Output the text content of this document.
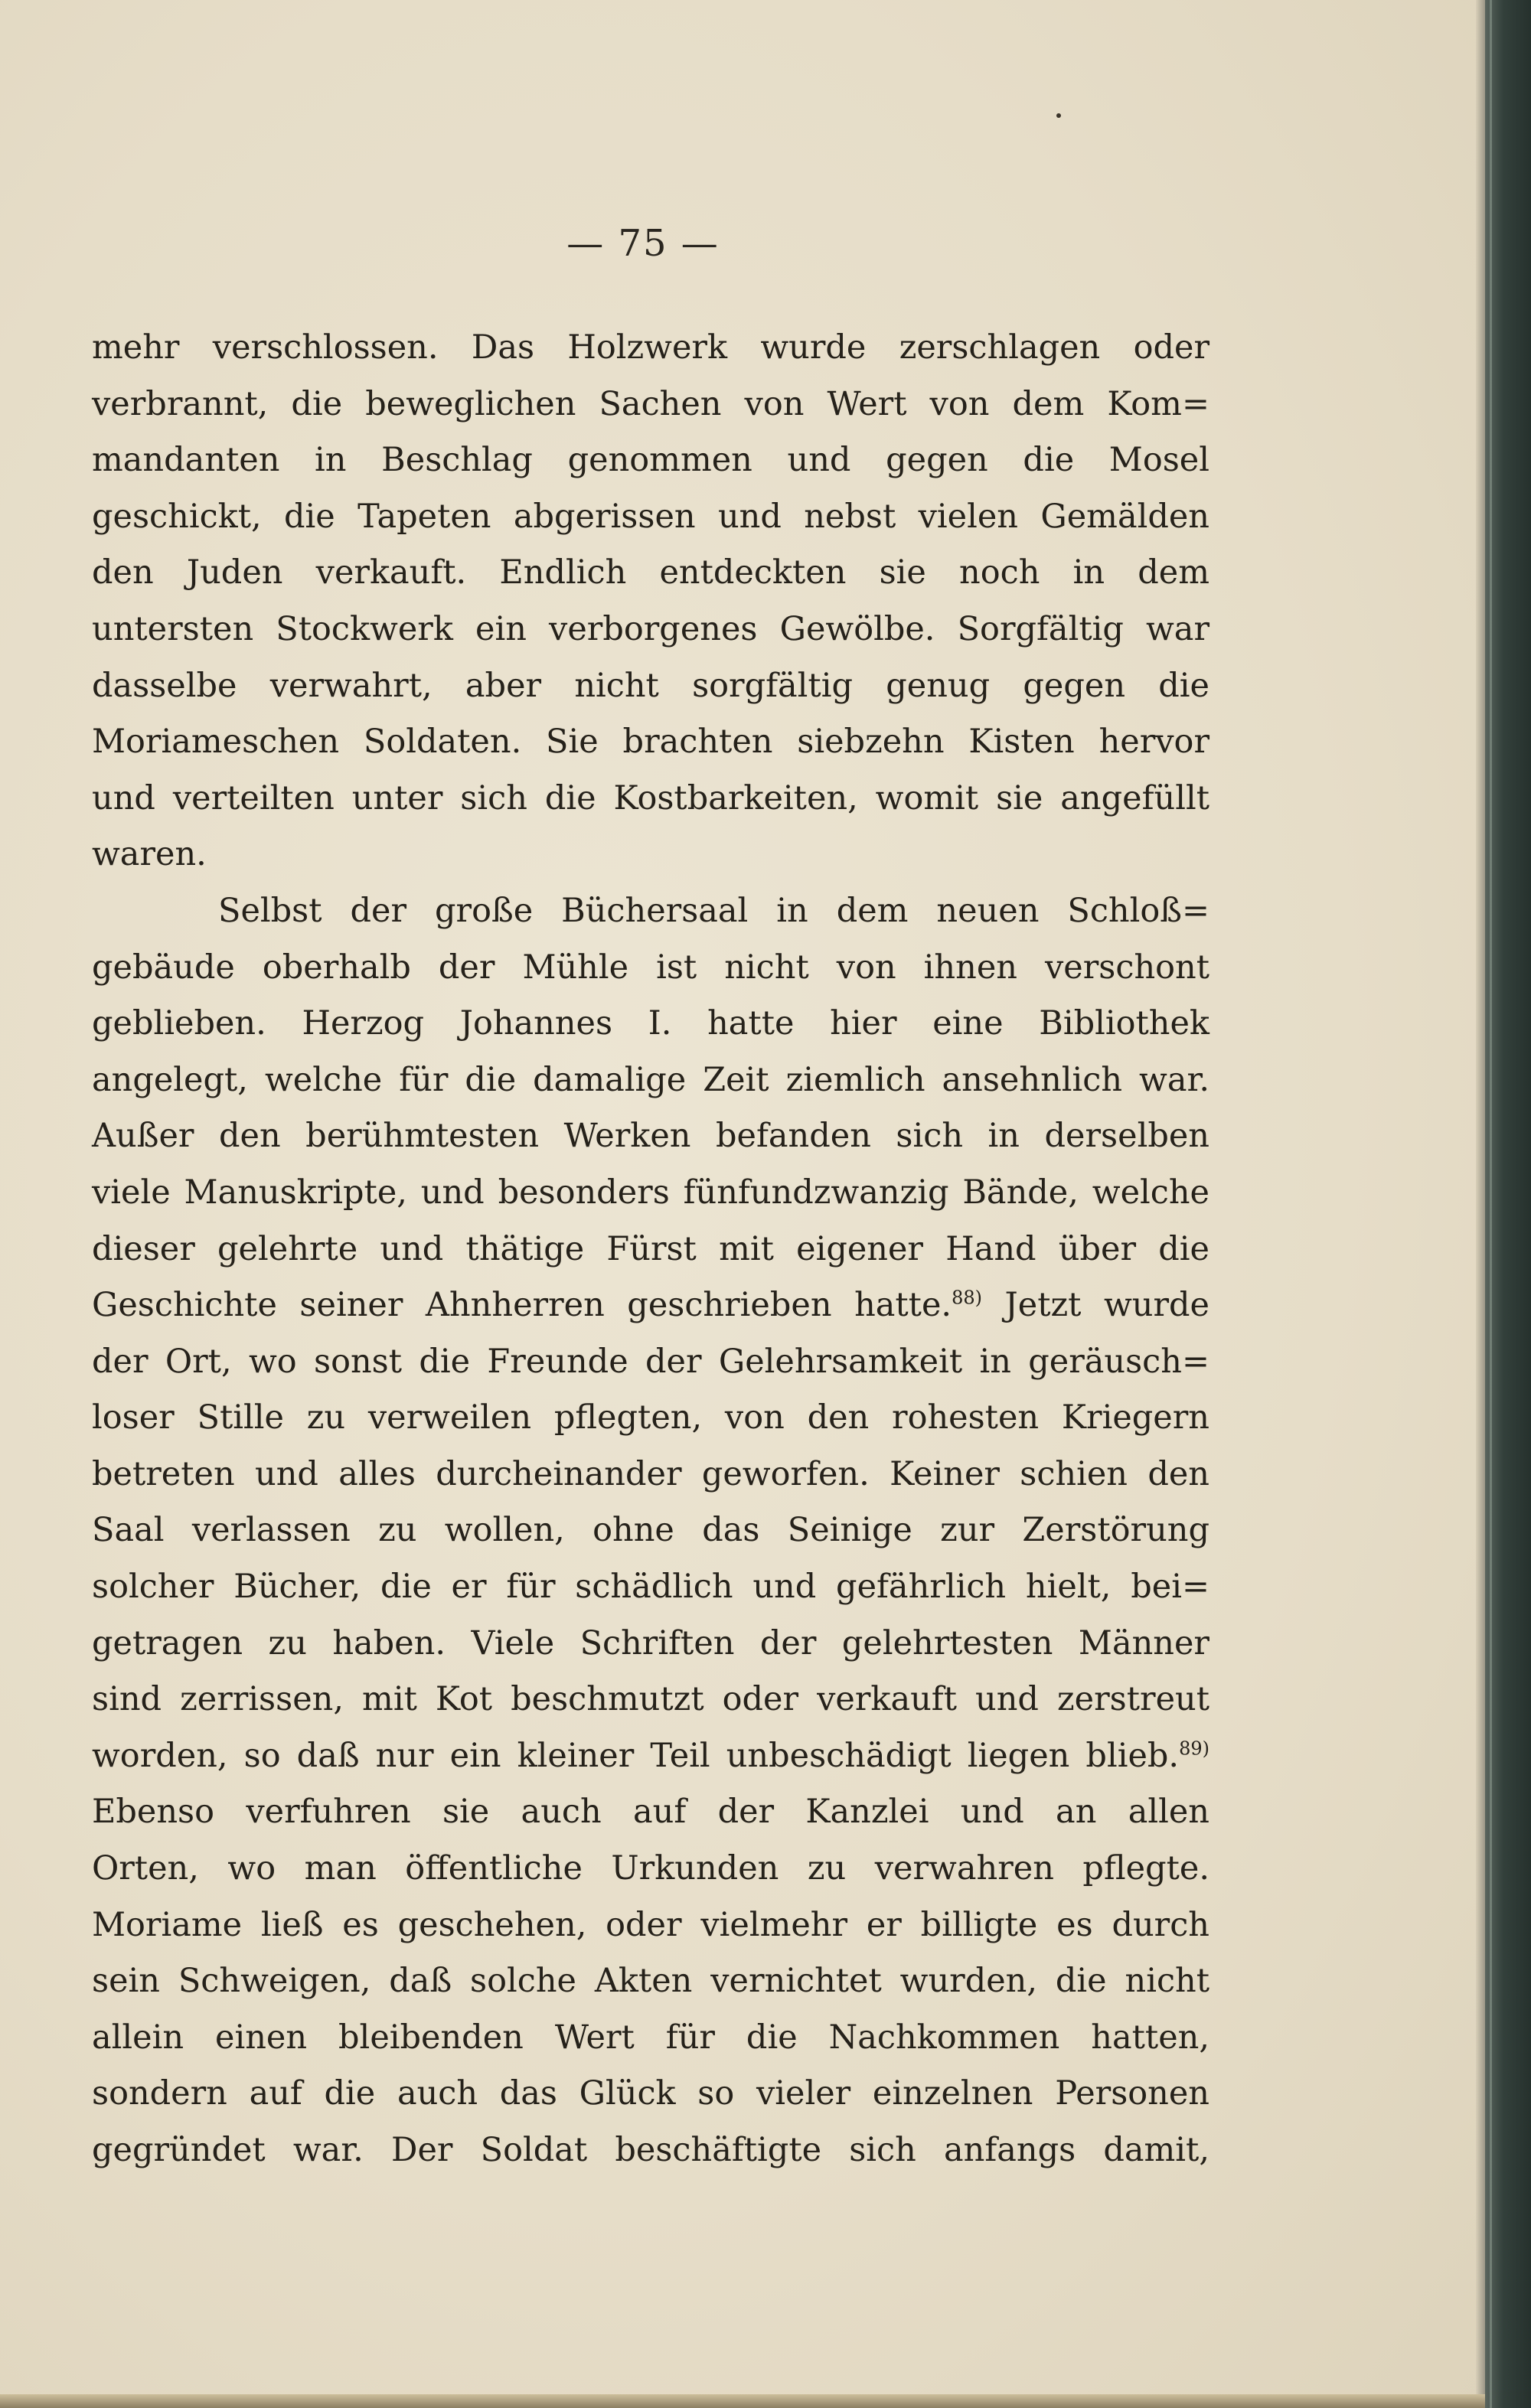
— 75 —
mehr verschlossen. Das Holzwerk wurde zerschlagen oder
verbrannt, die beweglichen Sachen von Wert von dem Kom=
mandanten in Beschlag genommen und gegen die Mosel
geschickt, die Tapeten abgerissen und nebst vielen Gemälden
den Juden verkauft. Endlich entdeckten sie noch in dem
untersten Stockwerk ein verborgenes Gewölbe. Sorgfältig war
dasselbe verwahrt, aber nicht sorgfältig genug gegen die
Moriameschen Soldaten. Sie brachten siebzehn Kisten hervor
und verteilten unter sich die Kostbarkeiten, womit sie angefüllt
waren.
Selbst der große Büchersaal in dem neuen Schloß=
gebäude oberhalb der Mühle ist nicht von ihnen verschont
geblieben. Herzog Johannes I. hatte hier eine Bibliothek
angelegt, welche für die damalige Zeit ziemlich ansehnlich war.
Außer den berühmtesten Werken befanden sich in derselben
viele Manuskripte, und besonders fünfundzwanzig Bände, welche
dieser gelehrte und thätige Fürst mit eigener Hand über die
Geschichte seiner Ahnherren geschrieben hatte.$^{88)}$ Jetzt wurde
der Ort, wo sonst die Freunde der Gelehrsamkeit in geräusch=
loser Stille zu verweilen pflegten, von den rohesten Kriegern
betreten und alles durcheinander geworfen. Keiner schien den
Saal verlassen zu wollen, ohne das Seinige zur Zerstörung
solcher Bücher, die er für schädlich und gefährlich hielt, bei=
getragen zu haben. Viele Schriften der gelehrtesten Männer
sind zerrissen, mit Kot beschmutzt oder verkauft und zerstreut
worden, so daß nur ein kleiner Teil unbeschädigt liegen blieb.$^{89)}$
Ebenso verfuhren sie auch auf der Kanzlei und an allen
Orten, wo man öffentliche Urkunden zu verwahren pflegte.
Moriame ließ es geschehen, oder vielmehr er billigte es durch
sein Schweigen, daß solche Akten vernichtet wurden, die nicht
allein einen bleibenden Wert für die Nachkommen hatten,
sondern auf die auch das Glück so vieler einzelnen Personen
gegründet war. Der Soldat beschäftigte sich anfangs damit,
